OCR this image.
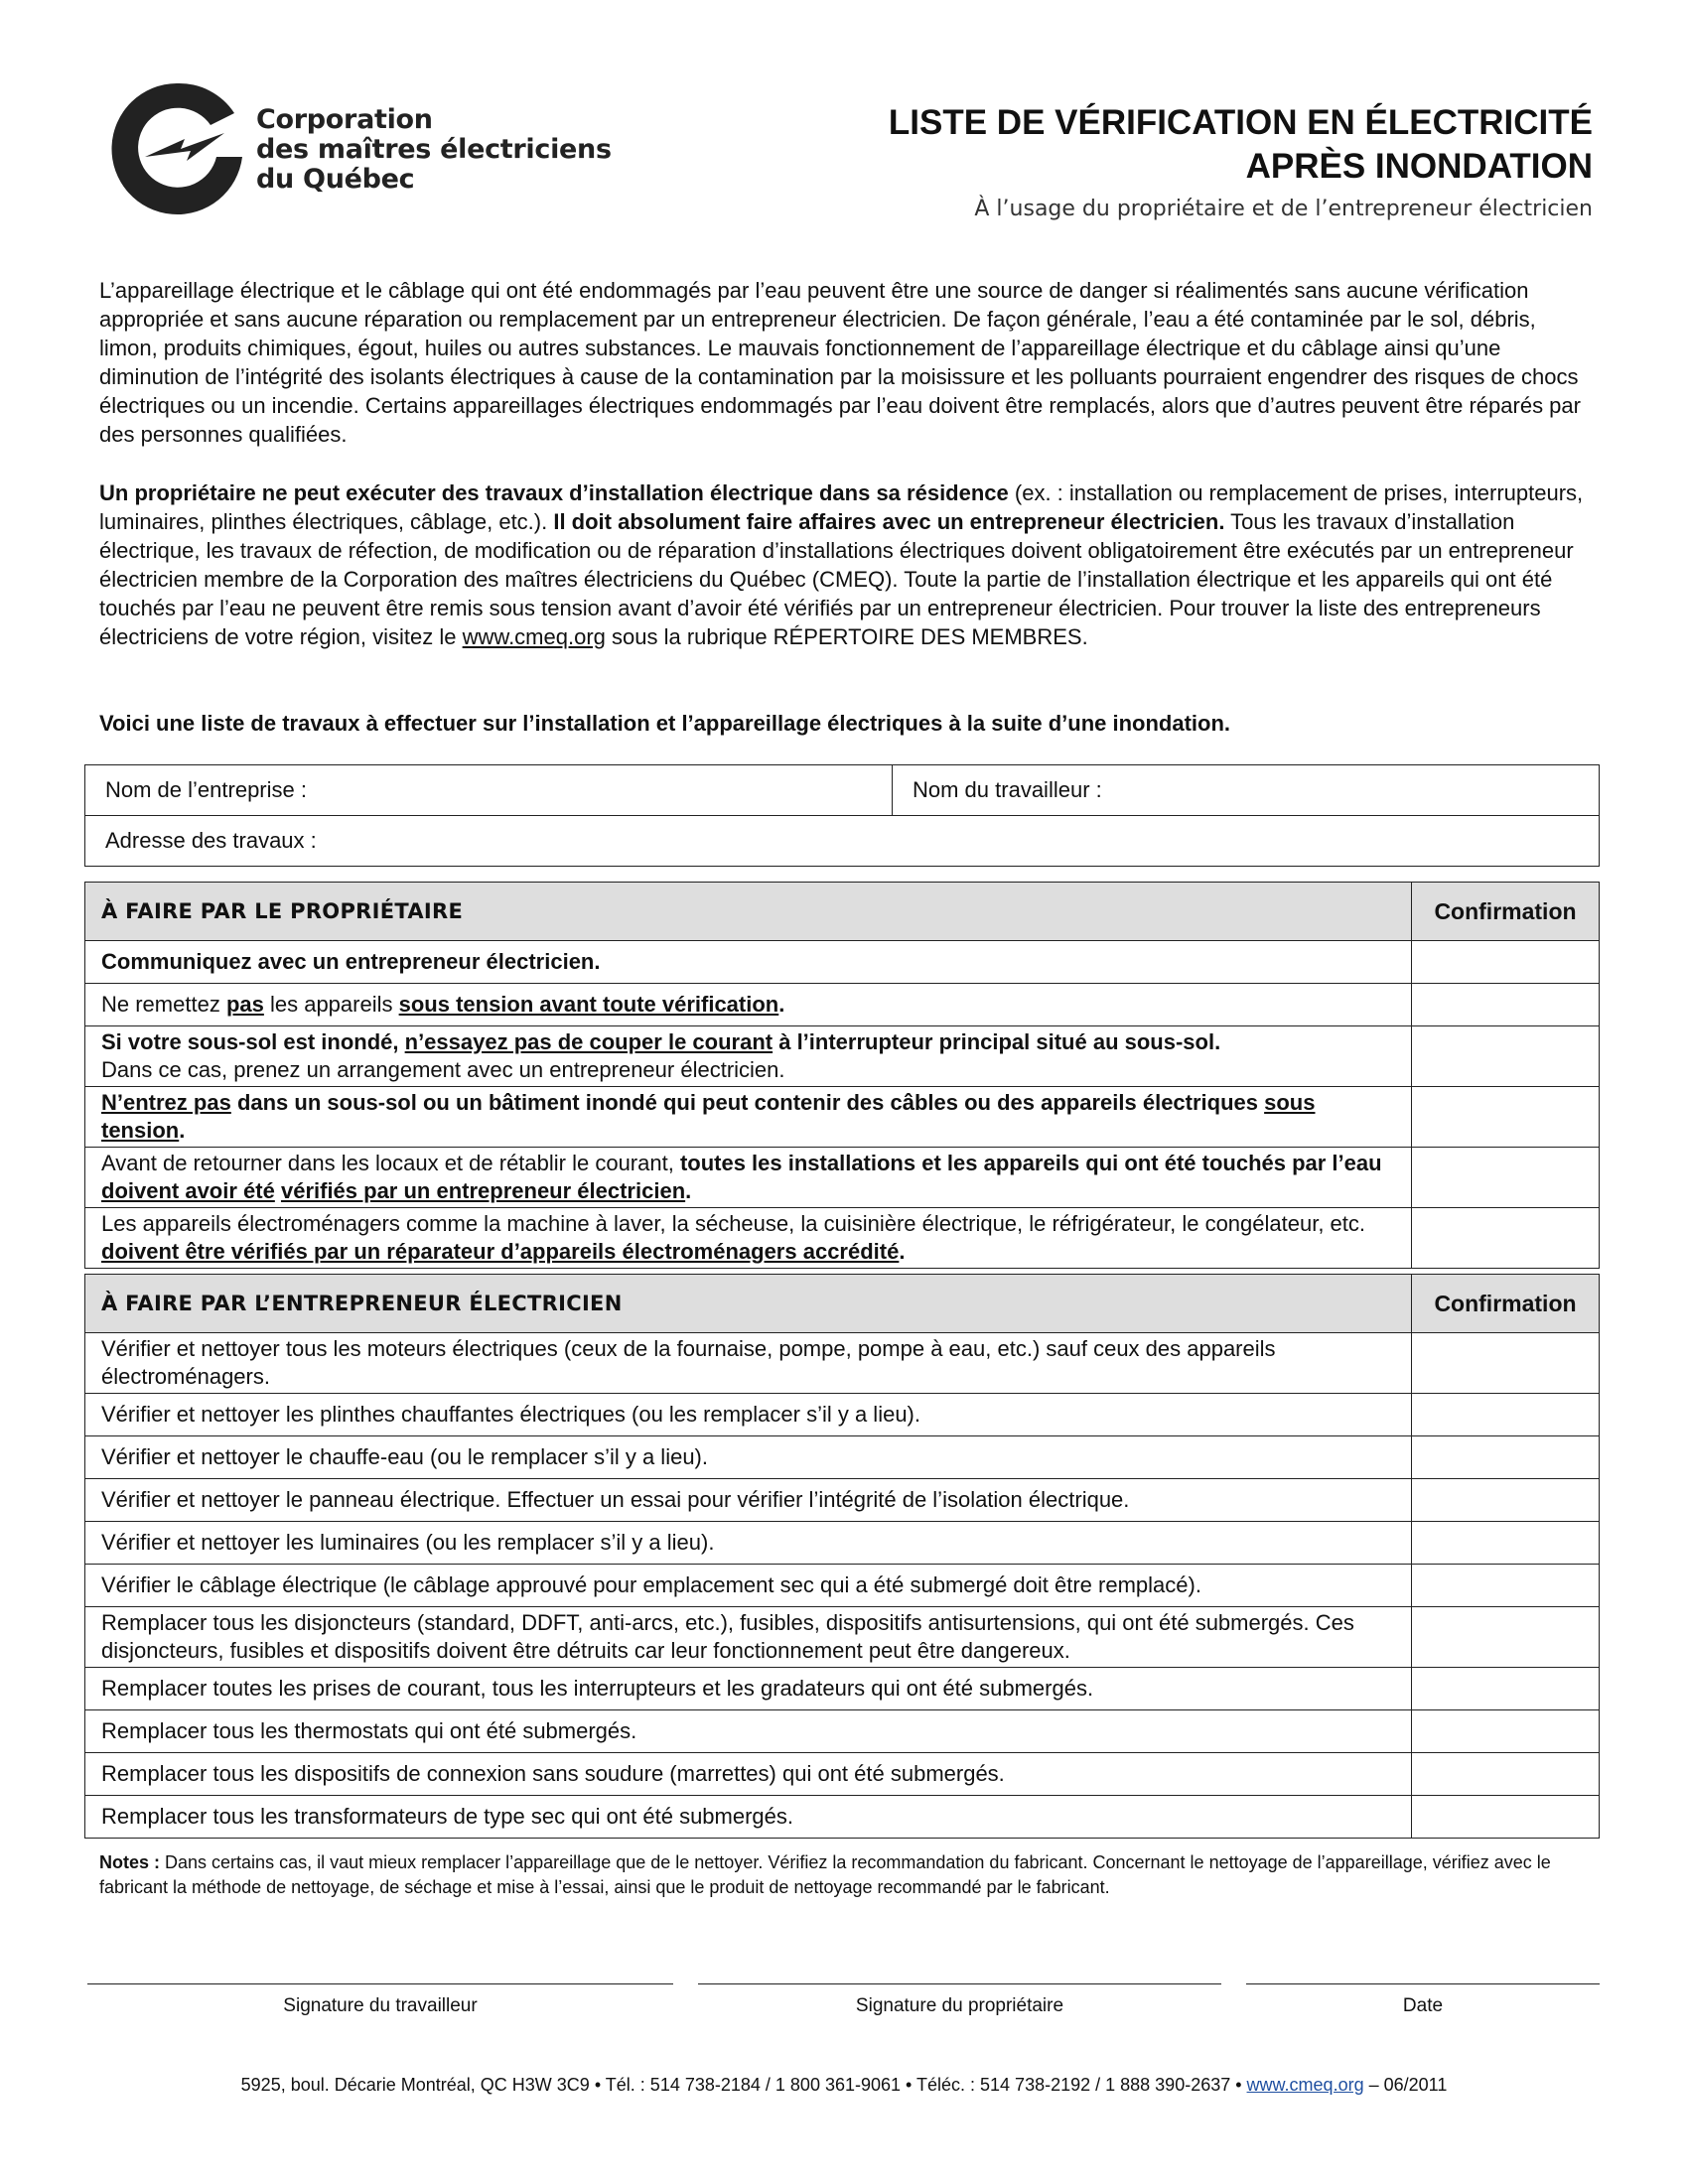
Corporation
des maîtres électriciens
du Québec
LISTE DE VÉRIFICATION EN ÉLECTRICITÉ
APRÈS INONDATION
À l’usage du propriétaire et de l’entrepreneur électricien
L’appareillage électrique et le câblage qui ont été endommagés par l’eau peuvent être une source de danger si réalimentés sans aucune vérification appropriée et sans aucune réparation ou remplacement par un entrepreneur électricien. De façon générale, l’eau a été contaminée par le sol, débris, limon, produits chimiques, égout, huiles ou autres substances. Le mauvais fonctionnement de l’appareillage électrique et du câblage ainsi qu’une diminution de l’intégrité des isolants électriques à cause de la contamination par la moisissure et les polluants pourraient engendrer des risques de chocs électriques ou un incendie. Certains appareillages électriques endommagés par l’eau doivent être remplacés, alors que d’autres peuvent être réparés par des personnes qualifiées.
Un propriétaire ne peut exécuter des travaux d’installation électrique dans sa résidence (ex. : installation ou remplacement de prises, interrupteurs, luminaires, plinthes électriques, câblage, etc.). Il doit absolument faire affaires avec un entrepreneur électricien. Tous les travaux d’installation électrique, les travaux de réfection, de modification ou de réparation d’installations électriques doivent obligatoirement être exécutés par un entrepreneur électricien membre de la Corporation des maîtres électriciens du Québec (CMEQ). Toute la partie de l’installation électrique et les appareils qui ont été touchés par l’eau ne peuvent être remis sous tension avant d’avoir été vérifiés par un entrepreneur électricien. Pour trouver la liste des entrepreneurs électriciens de votre région, visitez le www.cmeq.org sous la rubrique RÉPERTOIRE DES MEMBRES.
Voici une liste de travaux à effectuer sur l’installation et l’appareillage électriques à la suite d’une inondation.
Nom de l’entreprise :	Nom du travailleur :
Adresse des travaux :
À FAIRE PAR LE PROPRIÉTAIRE	Confirmation
Communiquez avec un entrepreneur électricien.	
Ne remettez pas les appareils sous tension avant toute vérification.	
Si votre sous-sol est inondé, n’essayez pas de couper le courant à l’interrupteur principal situé au sous-sol.
Dans ce cas, prenez un arrangement avec un entrepreneur électricien.	
N’entrez pas dans un sous-sol ou un bâtiment inondé qui peut contenir des câbles ou des appareils électriques sous tension.	
Avant de retourner dans les locaux et de rétablir le courant, toutes les installations et les appareils qui ont été touchés par l’eau doivent avoir été vérifiés par un entrepreneur électricien.	
Les appareils électroménagers comme la machine à laver, la sécheuse, la cuisinière électrique, le réfrigérateur, le congélateur, etc. doivent être vérifiés par un réparateur d’appareils électroménagers accrédité.	
À FAIRE PAR L’ENTREPRENEUR ÉLECTRICIEN	Confirmation
Vérifier et nettoyer tous les moteurs électriques (ceux de la fournaise, pompe, pompe à eau, etc.) sauf ceux des appareils électroménagers.	
Vérifier et nettoyer les plinthes chauffantes électriques (ou les remplacer s’il y a lieu).	
Vérifier et nettoyer le chauffe-eau (ou le remplacer s’il y a lieu).	
Vérifier et nettoyer le panneau électrique. Effectuer un essai pour vérifier l’intégrité de l’isolation électrique.	
Vérifier et nettoyer les luminaires (ou les remplacer s’il y a lieu).	
Vérifier le câblage électrique (le câblage approuvé pour emplacement sec qui a été submergé doit être remplacé).	
Remplacer tous les disjoncteurs (standard, DDFT, anti-arcs, etc.), fusibles, dispositifs antisurtensions, qui ont été submergés. Ces disjoncteurs, fusibles et dispositifs doivent être détruits car leur fonctionnement peut être dangereux.	
Remplacer toutes les prises de courant, tous les interrupteurs et les gradateurs qui ont été submergés.	
Remplacer tous les thermostats qui ont été submergés.	
Remplacer tous les dispositifs de connexion sans soudure (marrettes) qui ont été submergés.	
Remplacer tous les transformateurs de type sec qui ont été submergés.	
Notes : Dans certains cas, il vaut mieux remplacer l’appareillage que de le nettoyer. Vérifiez la recommandation du fabricant. Concernant le nettoyage de l’appareillage, vérifiez avec le fabricant la méthode de nettoyage, de séchage et mise à l’essai, ainsi que le produit de nettoyage recommandé par le fabricant.
Signature du travailleur	Signature du propriétaire	Date
5925, boul. Décarie Montréal, QC H3W 3C9 • Tél. : 514 738-2184 / 1 800 361-9061 • Téléc. : 514 738-2192 / 1 888 390-2637 • www.cmeq.org – 06/2011
